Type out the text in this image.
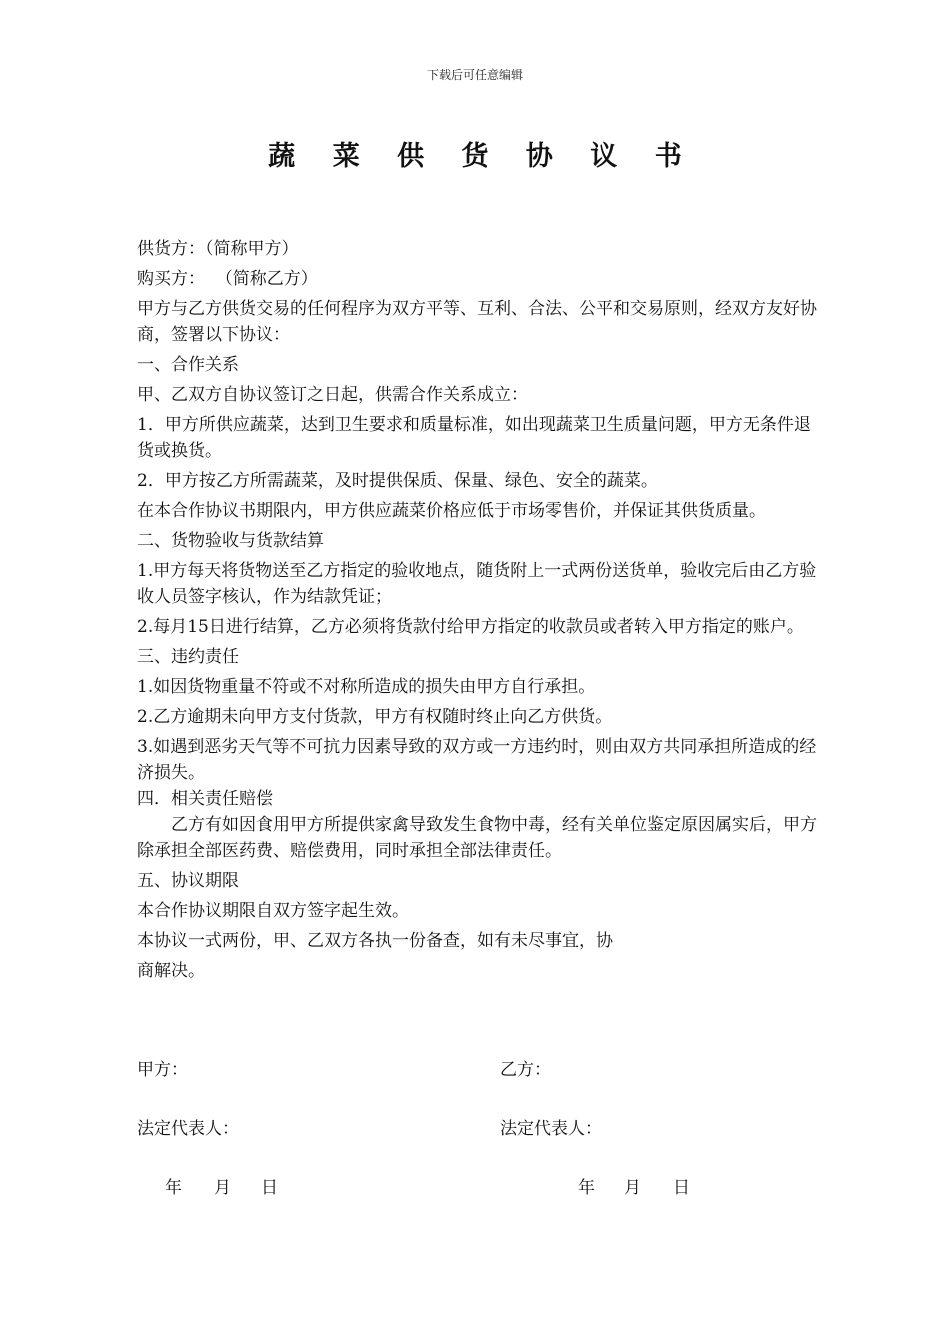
下载后可任意编辑
蔬 菜 供 货 协 议 书

供货方：（简称甲方）

购买方：  （简称乙方）

甲方与乙方供货交易的任何程序为双方平等、互利、合法、公平和交易原则，经双方友好协商，签署以下协议：

一、合作关系

甲、乙双方自协议签订之日起，供需合作关系成立：

1．甲方所供应蔬菜，达到卫生要求和质量标准，如出现蔬菜卫生质量问题，甲方无条件退货或换货。

2．甲方按乙方所需蔬菜，及时提供保质、保量、绿色、安全的蔬菜。

在本合作协议书期限内，甲方供应蔬菜价格应低于市场零售价，并保证其供货质量。

二、货物验收与货款结算

1.甲方每天将货物送至乙方指定的验收地点，随货附上一式两份送货单，验收完后由乙方验收人员签字核认，作为结款凭证；

2.每月15日进行结算，乙方必须将货款付给甲方指定的收款员或者转入甲方指定的账户。

三、违约责任

1.如因货物重量不符或不对称所造成的损失由甲方自行承担。

2.乙方逾期未向甲方支付货款，甲方有权随时终止向乙方供货。

3.如遇到恶劣天气等不可抗力因素导致的双方或一方违约时，则由双方共同承担所造成的经济损失。

四．相关责任赔偿

乙方有如因食用甲方所提供家禽导致发生食物中毒，经有关单位鉴定原因属实后，甲方除承担全部医药费、赔偿费用，同时承担全部法律责任。

五、协议期限

本合作协议期限自双方签字起生效。

本协议一式两份，甲、乙双方各执一份备查，如有未尽事宜，协

商解决。

甲方：	乙方：
法定代表人：	法定代表人：
年 月 日	年 月 日
